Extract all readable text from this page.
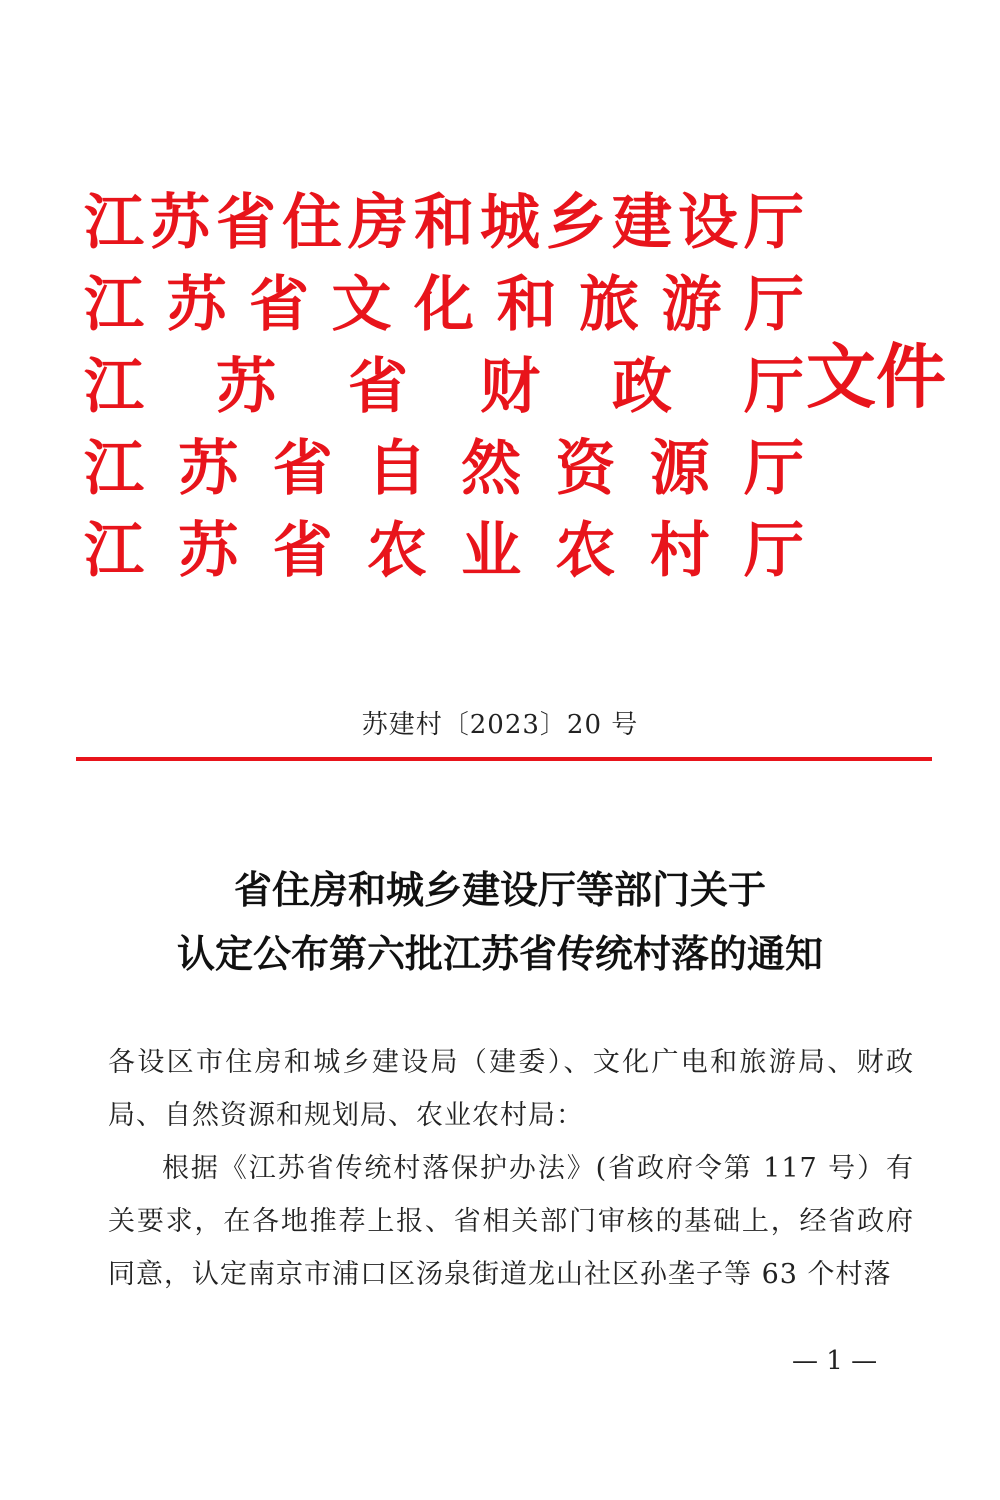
江苏省住房和城乡建设厅
江苏省文化和旅游厅
江苏省财政厅
江苏省自然资源厅
江苏省农业农村厅
文件
苏建村〔2023〕20 号
省住房和城乡建设厅等部门关于
认定公布第六批江苏省传统村落的通知

各设区市住房和城乡建设局（建委）、文化广电和旅游局、财政局、自然资源和规划局、农业农村局：

根据《江苏省传统村落保护办法》(省政府令第 117 号）有关要求，在各地推荐上报、省相关部门审核的基础上，经省政府同意，认定南京市浦口区汤泉街道龙山社区孙垄子等 63 个村落

— 1 —
